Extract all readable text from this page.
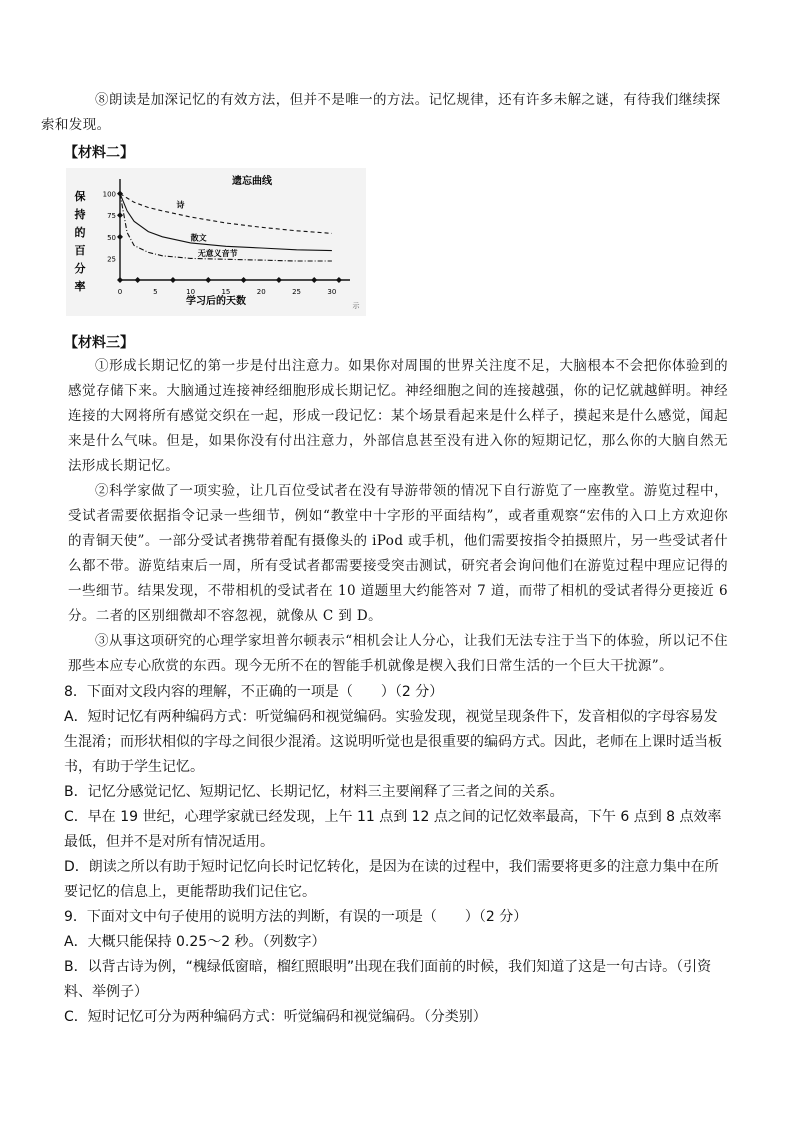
⑧朗读是加深记忆的有效方法，但并不是唯一的方法。记忆规律，还有许多未解之谜，有待我们继续探
索和发现。

【材料二】

遗忘曲线
保
持
的
百
分
率
100
75
50
25
0	5	10	15	20	25	30
学习后的天数	示
诗
散文
无意义音节

【材料三】

①形成长期记忆的第一步是付出注意力。如果你对周围的世界关注度不足，大脑根本不会把你体验到的感觉存储下来。大脑通过连接神经细胞形成长期记忆。神经细胞之间的连接越强，你的记忆就越鲜明。神经连接的大网将所有感觉交织在一起，形成一段记忆：某个场景看起来是什么样子，摸起来是什么感觉，闻起来是什么气味。但是，如果你没有付出注意力，外部信息甚至没有进入你的短期记忆，那么你的大脑自然无法形成长期记忆。

②科学家做了一项实验，让几百位受试者在没有导游带领的情况下自行游览了一座教堂。游览过程中，受试者需要依据指令记录一些细节，例如“教堂中十字形的平面结构”，或者重观察“宏伟的入口上方欢迎你的青铜天使”。一部分受试者携带着配有摄像头的 iPod 或手机，他们需要按指令拍摄照片，另一些受试者什么都不带。游览结束后一周，所有受试者都需要接受突击测试，研究者会询问他们在游览过程中理应记得的一些细节。结果发现，不带相机的受试者在 10 道题里大约能答对 7 道，而带了相机的受试者得分更接近 6 分。二者的区别细微却不容忽视，就像从 C 到 D。

③从事这项研究的心理学家坦普尔顿表示“相机会让人分心，让我们无法专注于当下的体验，所以记不住那些本应专心欣赏的东西。现今无所不在的智能手机就像是楔入我们日常生活的一个巨大干扰源”。

8．下面对文段内容的理解，不正确的一项是（　　）（2 分）

A．短时记忆有两种编码方式：听觉编码和视觉编码。实验发现，视觉呈现条件下，发音相似的字母容易发生混淆；而形状相似的字母之间很少混淆。这说明听觉也是很重要的编码方式。因此，老师在上课时适当板书，有助于学生记忆。

B．记忆分感觉记忆、短期记忆、长期记忆，材料三主要阐释了三者之间的关系。

C．早在 19 世纪，心理学家就已经发现，上午 11 点到 12 点之间的记忆效率最高，下午 6 点到 8 点效率最低，但并不是对所有情况适用。

D．朗读之所以有助于短时记忆向长时记忆转化，是因为在读的过程中，我们需要将更多的注意力集中在所要记忆的信息上，更能帮助我们记住它。

9．下面对文中句子使用的说明方法的判断，有误的一项是（　　）（2 分）

A．大概只能保持 0.25～2 秒。（列数字）

B．以背古诗为例，“槐绿低窗暗，榴红照眼明”出现在我们面前的时候，我们知道了这是一句古诗。（引资料、举例子）

C．短时记忆可分为两种编码方式：听觉编码和视觉编码。（分类别）
